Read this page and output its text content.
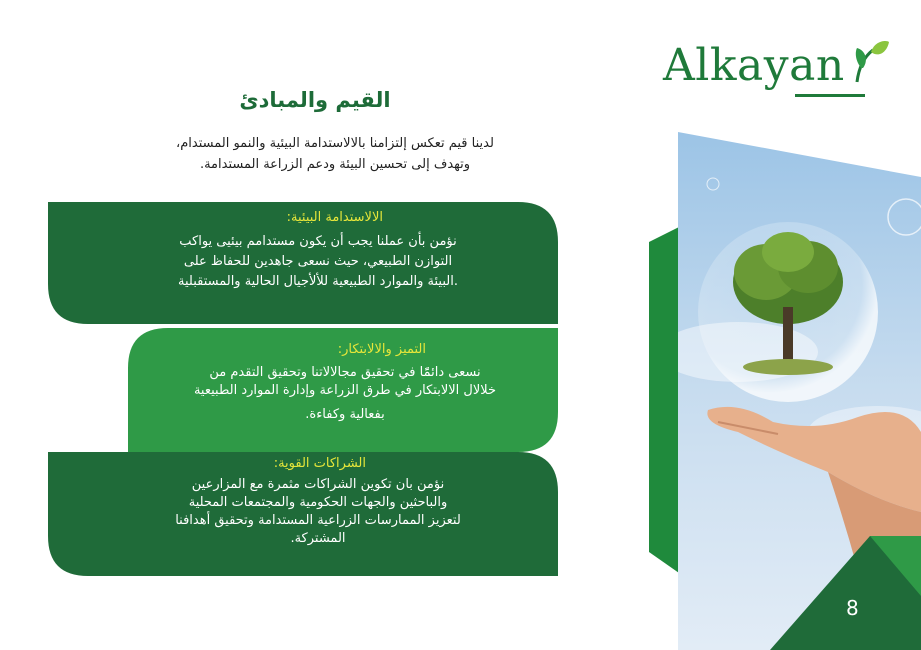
Alkayan
القيم والمبادئ
لدينا قيم تعكس إلتزامنا بالالاستدامة البيئية والنمو المستدام،
وتهدف إلى تحسين البيئة ودعم الزراعة المستدامة.
الالاستدامة البيئية:
نؤمن بأن عملنا يجب أن يكون مستدامم بيئيى يواكب
التوازن الطبيعي، حيث نسعى جاهدين للحفاظ على
.البيئة والموارد الطبيعية للألأجيال الحالية والمستقبلية
التميز والالابتكار:
نسعى دائمًًًا في تحقيق مجالالاتنا وتحقيق التقدم من
خلالال الالابتكار في طرق الزراعة وإدارة الموارد الطبيعية
بفعالية وكفاءة.
الشراكات القوية:
نؤمن بان تكوين الشراكات مثمرة مع المزارعين
والباحثين والجهات الحكومية والمجتمعات المحلية
لتعزيز الممارسات الزراعية المستدامة وتحقيق أهدافنا
المشتركة.
8
